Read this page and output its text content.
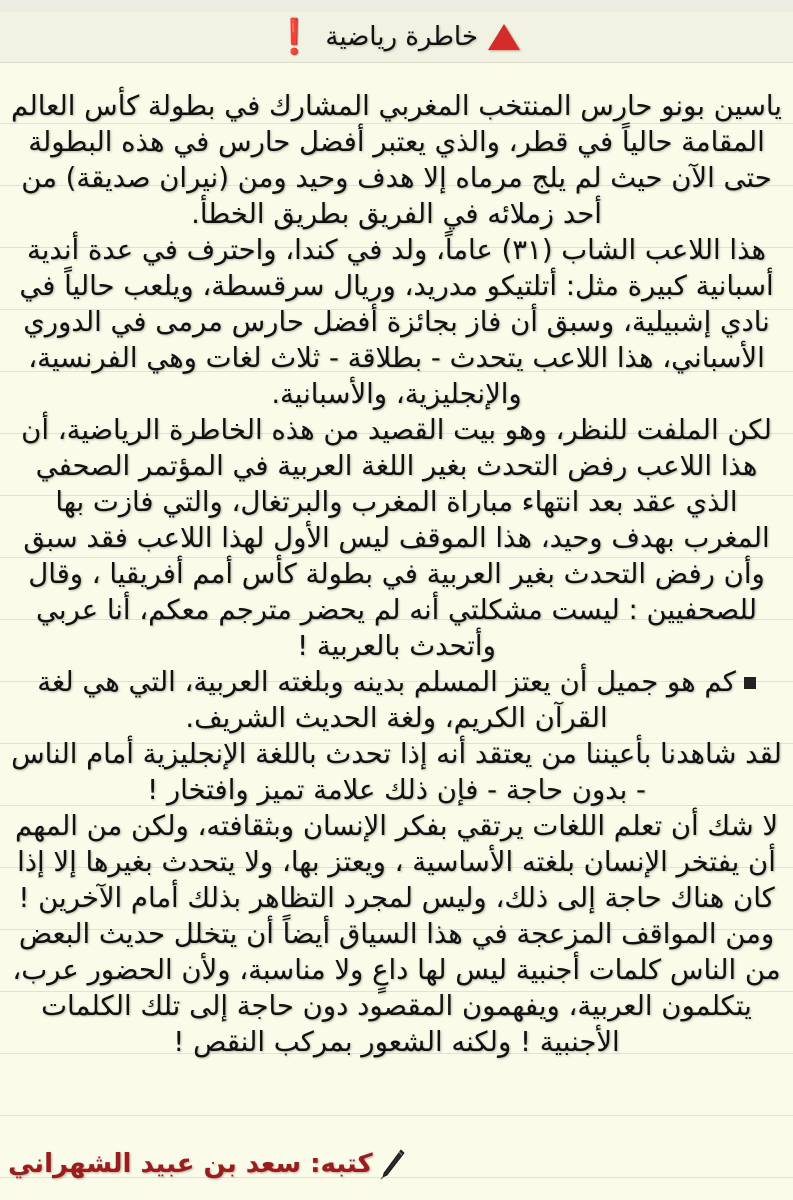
خاطرة رياضية
❗

ياسين بونو حارس المنتخب المغربي المشارك في بطولة كأس العالم المقامة حالياً في قطر، والذي يعتبر أفضل حارس في هذه البطولة حتى الآن حيث لم يلج مرماه إلا هدف وحيد ومن (نيران صديقة) من أحد زملائه في الفريق بطريق الخطأ.

هذا اللاعب الشاب (٣١) عاماً، ولد في كندا، واحترف في عدة أندية أسبانية كبيرة مثل: أتلتيكو مدريد، وريال سرقسطة، ويلعب حالياً في نادي إشبيلية، وسبق أن فاز بجائزة أفضل حارس مرمى في الدوري الأسباني، هذا اللاعب يتحدث - بطلاقة - ثلاث لغات وهي الفرنسية، والإنجليزية، والأسبانية.

لكن الملفت للنظر، وهو بيت القصيد من هذه الخاطرة الرياضية، أن هذا اللاعب رفض التحدث بغير اللغة العربية في المؤتمر الصحفي الذي عقد بعد انتهاء مباراة المغرب والبرتغال، والتي فازت بها المغرب بهدف وحيد، هذا الموقف ليس الأول لهذا اللاعب فقد سبق وأن رفض التحدث بغير العربية في بطولة كأس أمم أفريقيا ، وقال للصحفيين : ليست مشكلتي أنه لم يحضر مترجم معكم، أنا عربي وأتحدث بالعربية !

كم هو جميل أن يعتز المسلم بدينه وبلغته العربية، التي هي لغة القرآن الكريم، ولغة الحديث الشريف.

لقد شاهدنا بأعيننا من يعتقد أنه إذا تحدث باللغة الإنجليزية أمام الناس - بدون حاجة - فإن ذلك علامة تميز وافتخار !

لا شك أن تعلم اللغات يرتقي بفكر الإنسان وبثقافته، ولكن من المهم أن يفتخر الإنسان بلغته الأساسية ، ويعتز بها، ولا يتحدث بغيرها إلا إذا كان هناك حاجة إلى ذلك، وليس لمجرد التظاهر بذلك أمام الآخرين !

ومن المواقف المزعجة في هذا السياق أيضاً أن يتخلل حديث البعض من الناس كلمات أجنبية ليس لها داعٍ ولا مناسبة، ولأن الحضور عرب، يتكلمون العربية، ويفهمون المقصود دون حاجة إلى تلك الكلمات الأجنبية ! ولكنه الشعور بمركب النقص !

كتبه: سعد بن عبيد الشهراني
